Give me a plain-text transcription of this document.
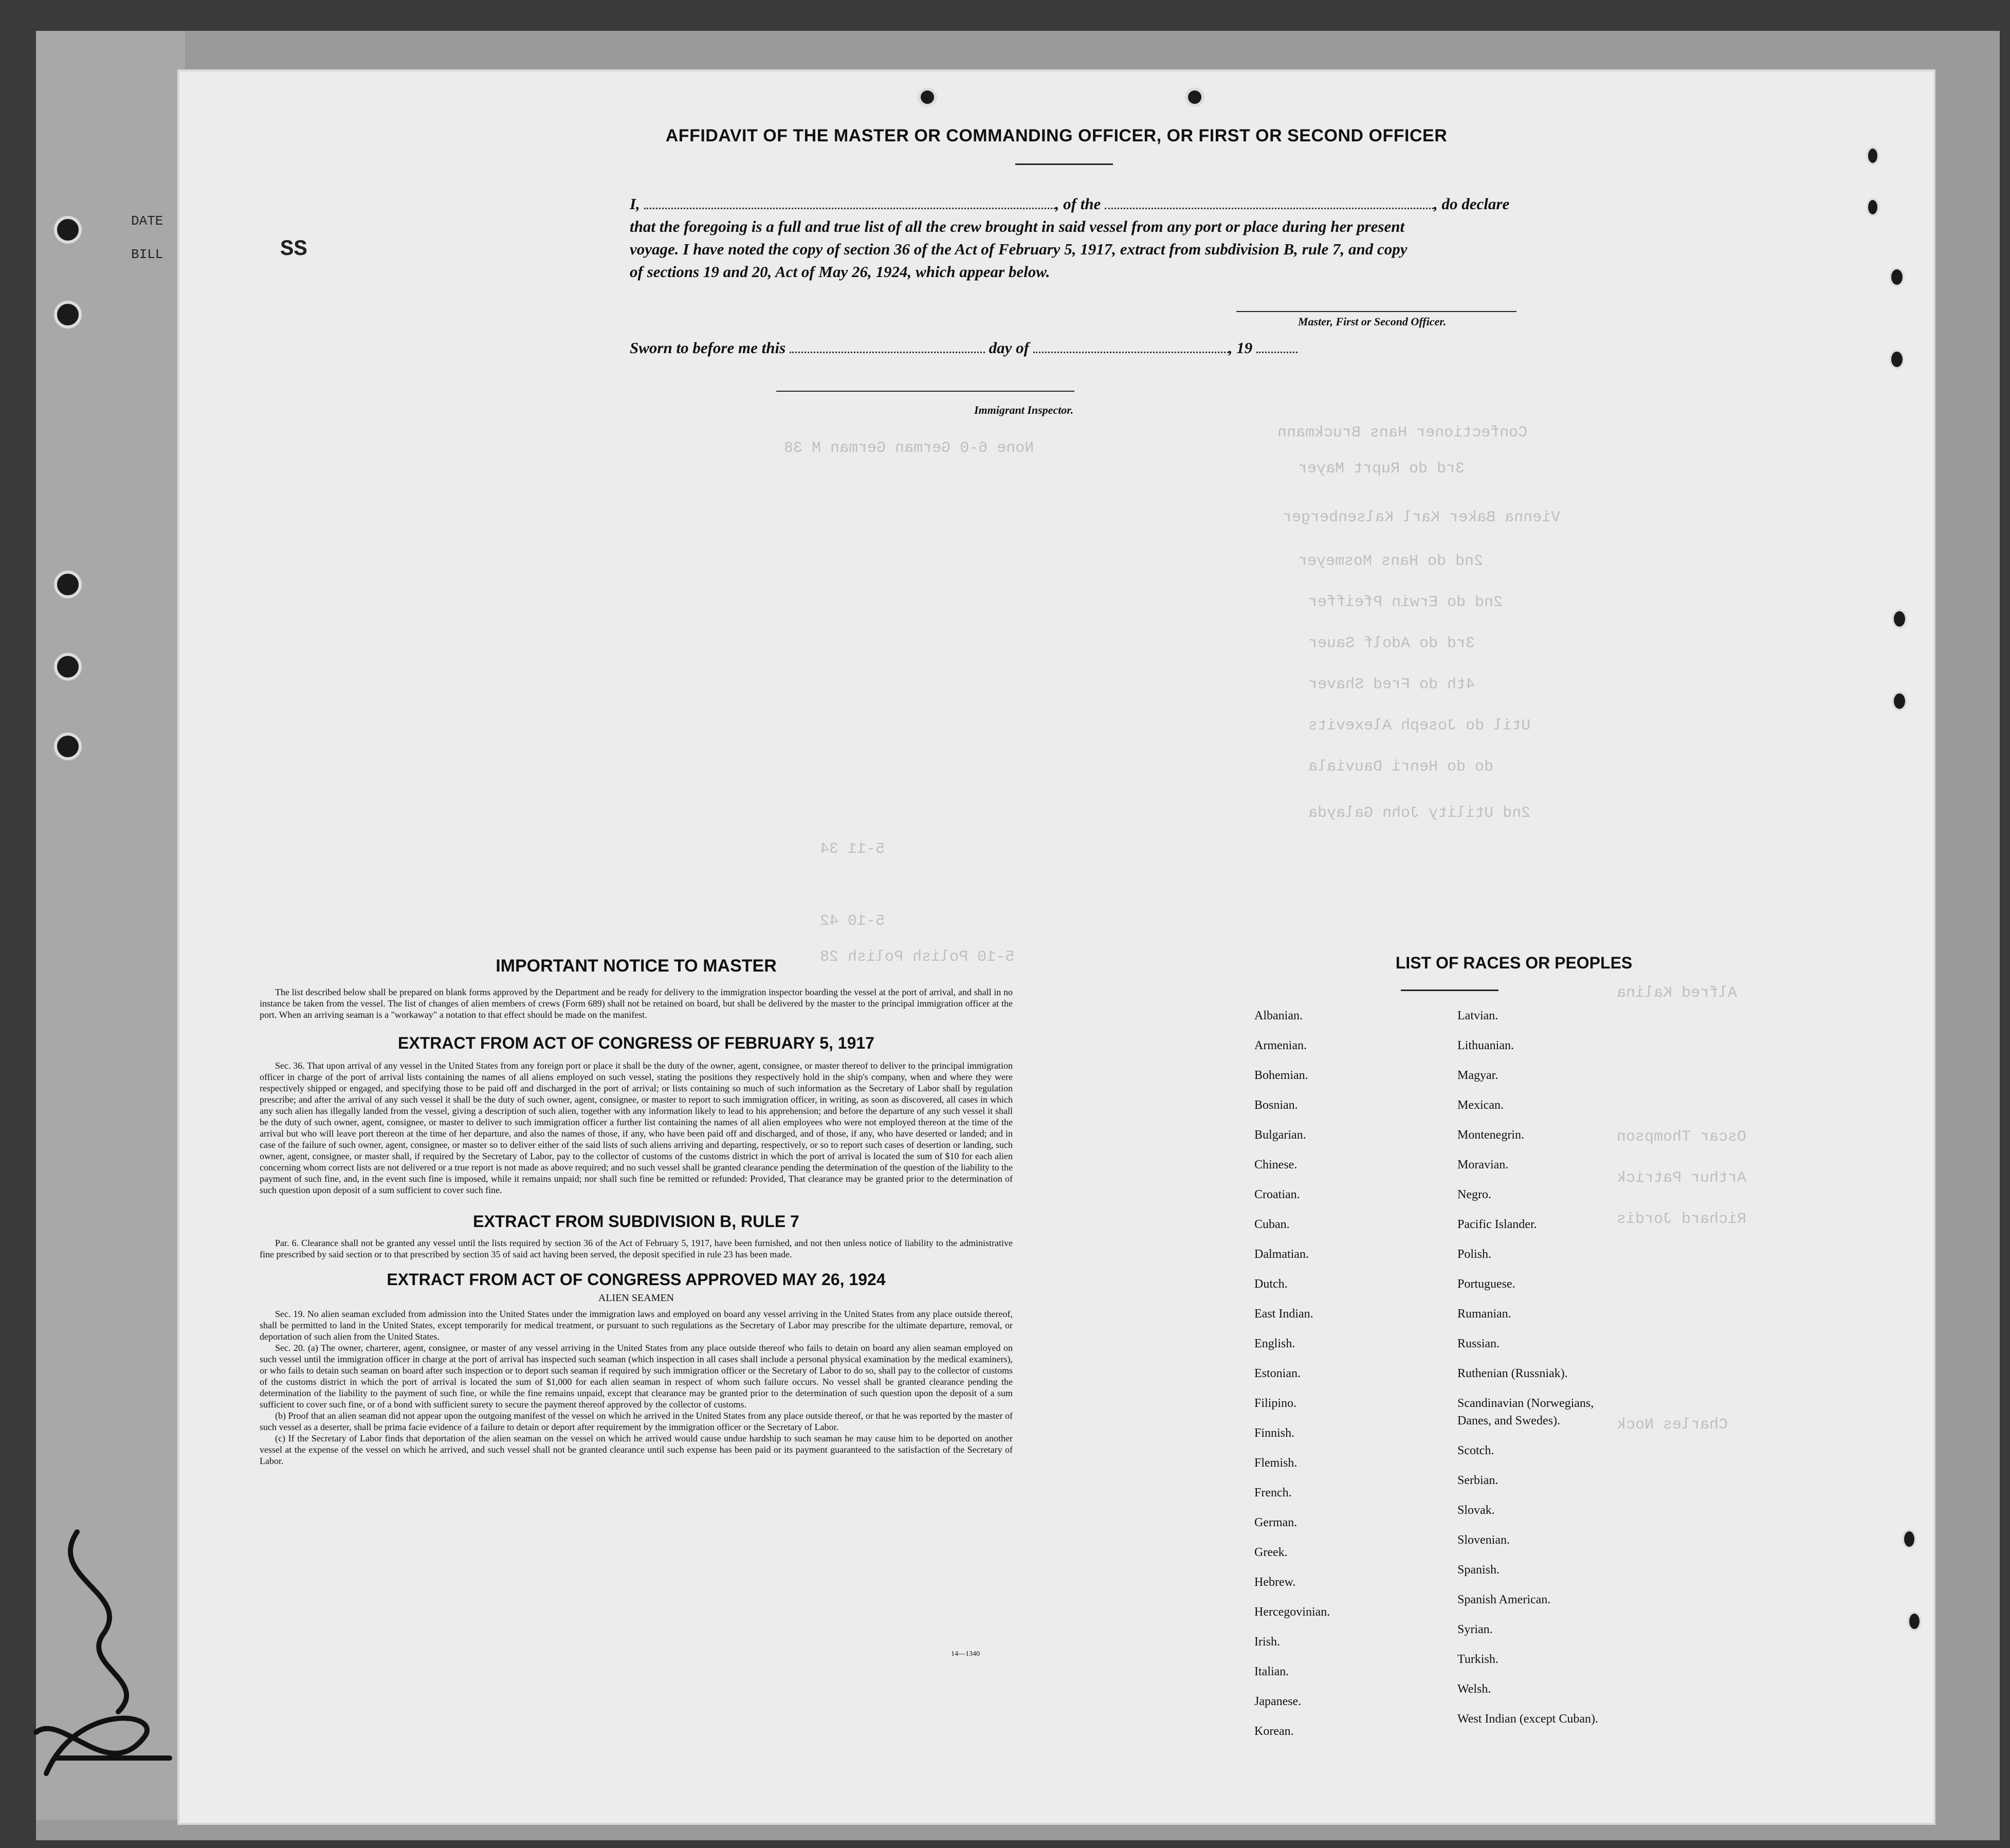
DATE
BILL	SS
Confectioner Hans Bruckmann
None 6-0 German German M 38
3rd do Ruprt Mayer
Vienna Baker Karl Kalsenberger
2nd do Hans Mosmeyer
2nd do Erwin Pfeiffer
3rd do Adolf Sauer
4th do Fred Shaver
Util do Joseph Alexevits
do do Henri Dauviala
2nd Utility John Galayda
5-11 34
5-10 42
5-10 Polish Polish 28
Alfred Kalina
Oscar Thompson
Arthur Patrick
Richard Jordis
Charles Nock
AFFIDAVIT OF THE MASTER OR COMMANDING OFFICER, OR FIRST OR SECOND OFFICER
I,	, of the	, do declare
that the foregoing is a full and true list of all the crew brought in said vessel from any port or place during her present
voyage. I have noted the copy of section 36 of the Act of February 5, 1917, extract from subdivision B, rule 7, and copy
of sections 19 and 20, Act of May 26, 1924, which appear below.
Master, First or Second Officer.
Sworn to before me this	day of	, 19
Immigrant Inspector.
IMPORTANT NOTICE TO MASTER
The list described below shall be prepared on blank forms approved by the Department and be ready for delivery to the immigration inspector boarding the vessel at the port of arrival, and shall in no instance be taken from the vessel. The list of changes of alien members of crews (Form 689) shall not be retained on board, but shall be delivered by the master to the principal immigration officer at the port. When an arriving seaman is a "workaway" a notation to that effect should be made on the manifest.
EXTRACT FROM ACT OF CONGRESS OF FEBRUARY 5, 1917
Sec. 36. That upon arrival of any vessel in the United States from any foreign port or place it shall be the duty of the owner, agent, consignee, or master thereof to deliver to the principal immigration officer in charge of the port of arrival lists containing the names of all aliens employed on such vessel, stating the positions they respectively hold in the ship's company, when and where they were respectively shipped or engaged, and specifying those to be paid off and discharged in the port of arrival; or lists containing so much of such information as the Secretary of Labor shall by regulation prescribe; and after the arrival of any such vessel it shall be the duty of such owner, agent, consignee, or master to report to such immigration officer, in writing, as soon as discovered, all cases in which any such alien has illegally landed from the vessel, giving a description of such alien, together with any information likely to lead to his apprehension; and before the departure of any such vessel it shall be the duty of such owner, agent, consignee, or master to deliver to such immigration officer a further list containing the names of all alien employees who were not employed thereon at the time of the arrival but who will leave port thereon at the time of her departure, and also the names of those, if any, who have been paid off and discharged, and of those, if any, who have deserted or landed; and in case of the failure of such owner, agent, consignee, or master so to deliver either of the said lists of such aliens arriving and departing, respectively, or so to report such cases of desertion or landing, such owner, agent, consignee, or master shall, if required by the Secretary of Labor, pay to the collector of customs of the customs district in which the port of arrival is located the sum of $10 for each alien concerning whom correct lists are not delivered or a true report is not made as above required; and no such vessel shall be granted clearance pending the determination of the question of the liability to the payment of such fine, and, in the event such fine is imposed, while it remains unpaid; nor shall such fine be remitted or refunded: Provided, That clearance may be granted prior to the determination of such question upon deposit of a sum sufficient to cover such fine.
EXTRACT FROM SUBDIVISION B, RULE 7
Par. 6. Clearance shall not be granted any vessel until the lists required by section 36 of the Act of February 5, 1917, have been furnished, and not then unless notice of liability to the administrative fine prescribed by said section or to that prescribed by section 35 of said act having been served, the deposit specified in rule 23 has been made.
EXTRACT FROM ACT OF CONGRESS APPROVED MAY 26, 1924
ALIEN SEAMEN
Sec. 19. No alien seaman excluded from admission into the United States under the immigration laws and employed on board any vessel arriving in the United States from any place outside thereof, shall be permitted to land in the United States, except temporarily for medical treatment, or pursuant to such regulations as the Secretary of Labor may prescribe for the ultimate departure, removal, or deportation of such alien from the United States.
Sec. 20. (a) The owner, charterer, agent, consignee, or master of any vessel arriving in the United States from any place outside thereof who fails to detain on board any alien seaman employed on such vessel until the immigration officer in charge at the port of arrival has inspected such seaman (which inspection in all cases shall include a personal physical examination by the medical examiners), or who fails to detain such seaman on board after such inspection or to deport such seaman if required by such immigration officer or the Secretary of Labor to do so, shall pay to the collector of customs of the customs district in which the port of arrival is located the sum of $1,000 for each alien seaman in respect of whom such failure occurs. No vessel shall be granted clearance pending the determination of the liability to the payment of such fine, or while the fine remains unpaid, except that clearance may be granted prior to the determination of such question upon the deposit of a sum sufficient to cover such fine, or of a bond with sufficient surety to secure the payment thereof approved by the collector of customs.
(b) Proof that an alien seaman did not appear upon the outgoing manifest of the vessel on which he arrived in the United States from any place outside thereof, or that he was reported by the master of such vessel as a deserter, shall be prima facie evidence of a failure to detain or deport after requirement by the immigration officer or the Secretary of Labor.
(c) If the Secretary of Labor finds that deportation of the alien seaman on the vessel on which he arrived would cause undue hardship to such seaman he may cause him to be deported on another vessel at the expense of the vessel on which he arrived, and such vessel shall not be granted clearance until such expense has been paid or its payment guaranteed to the satisfaction of the Secretary of Labor.
14—1340
LIST OF RACES OR PEOPLES
Albanian.
Armenian.
Bohemian.
Bosnian.
Bulgarian.
Chinese.
Croatian.
Cuban.
Dalmatian.
Dutch.
East Indian.
English.
Estonian.
Filipino.
Finnish.
Flemish.
French.
German.
Greek.
Hebrew.
Hercegovinian.
Irish.
Italian.
Japanese.
Korean.
Latvian.
Lithuanian.
Magyar.
Mexican.
Montenegrin.
Moravian.
Negro.
Pacific Islander.
Polish.
Portuguese.
Rumanian.
Russian.
Ruthenian (Russniak).
Scandinavian (Norwegians,
Danes, and Swedes).
Scotch.
Serbian.
Slovak.
Slovenian.
Spanish.
Spanish American.
Syrian.
Turkish.
Welsh.
West Indian (except Cuban).
